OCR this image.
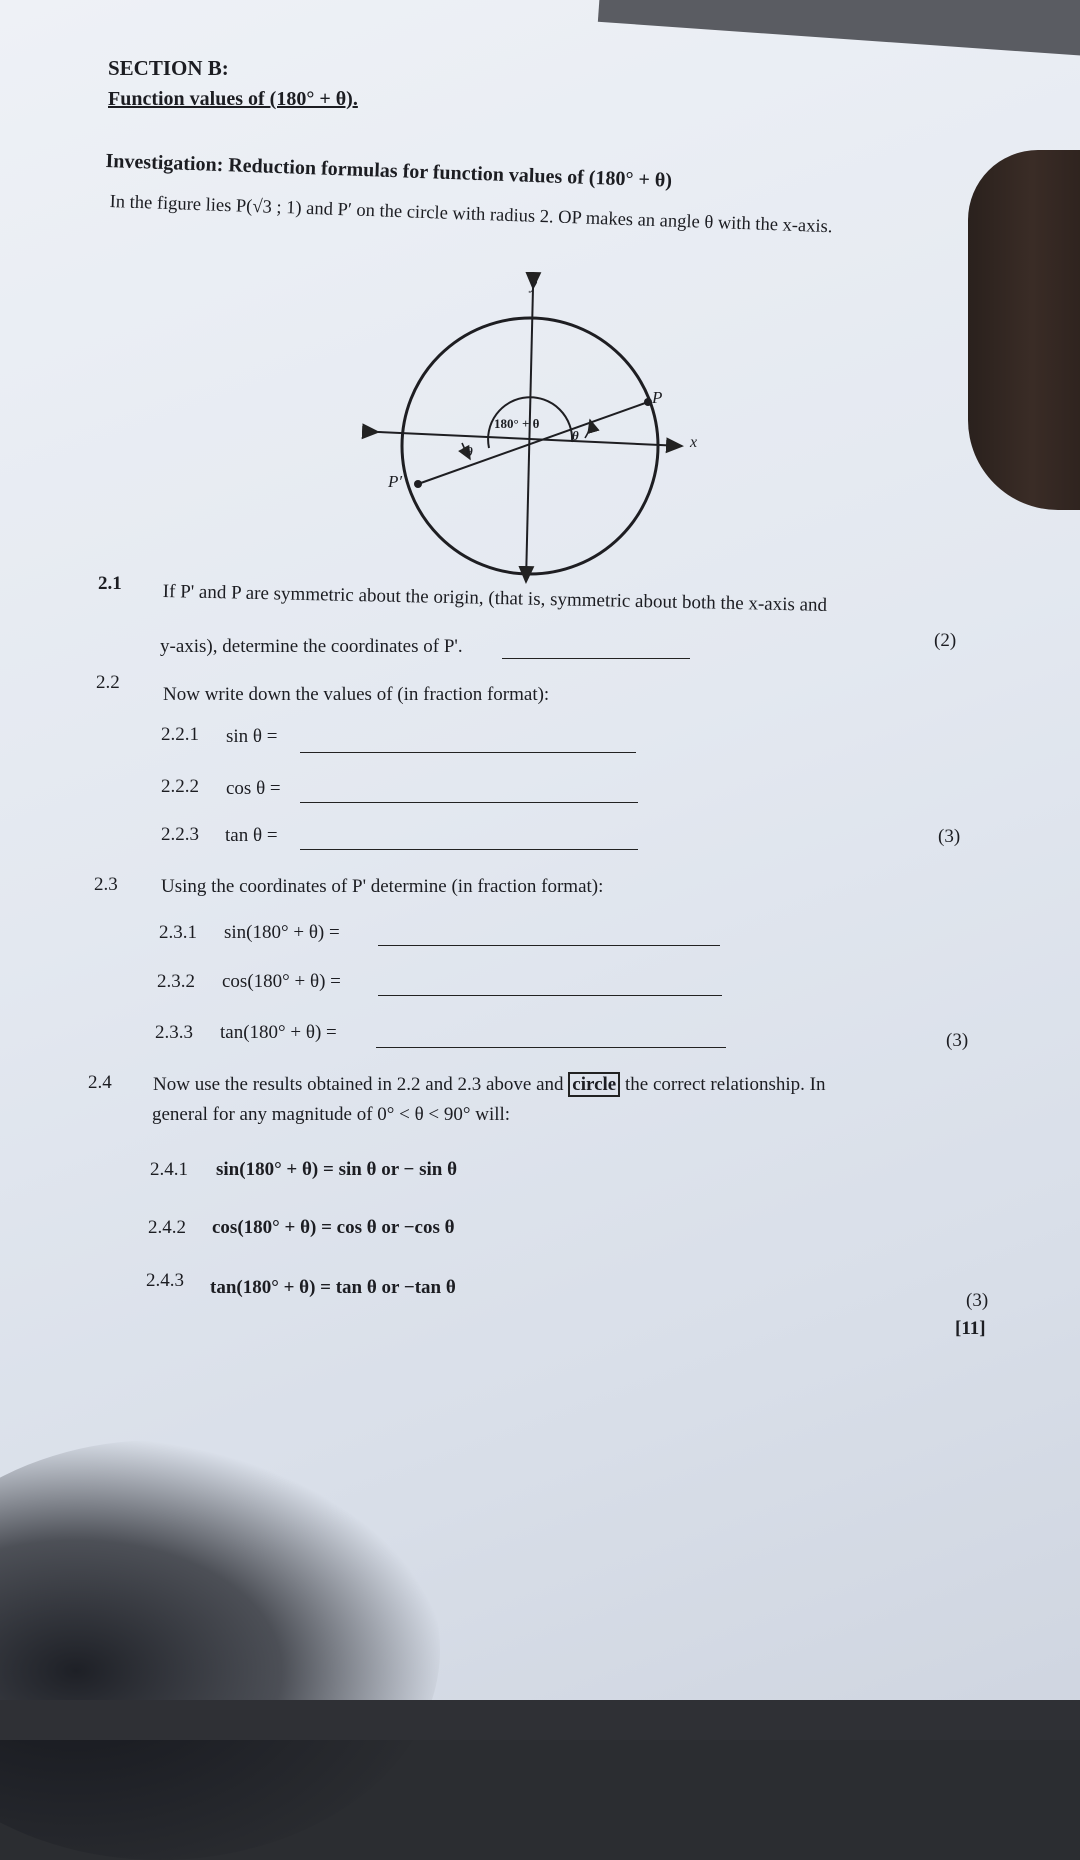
SECTION B:
Function values of (180° + θ).
Investigation: Reduction formulas for function values of (180° + θ)
In the figure lies P(√3 ; 1) and P′ on the circle with radius 2. OP makes an angle θ with the x-axis.
y
x
P
P′
180° + θ
θ
θ
2.1 If P' and P are symmetric about the origin, (that is, symmetric about both the x-axis and
y-axis), determine the coordinates of P'.	(2)
2.2
Now write down the values of (in fraction format):
2.2.1 sin θ =
2.2.2 cos θ =
2.2.3 tan θ =	(3)
2.3 Using the coordinates of P' determine (in fraction format):
2.3.1 sin(180° + θ) =
2.3.2 cos(180° + θ) =
2.3.3 tan(180° + θ) =	(3)
2.4 Now use the results obtained in 2.2 and 2.3 above and circle the correct relationship. In
general for any magnitude of 0° < θ < 90° will:
2.4.1 sin(180° + θ) = sin θ or − sin θ
2.4.2 cos(180° + θ) = cos θ or −cos θ
2.4.3 tan(180° + θ) = tan θ or −tan θ
(3)
[11]
